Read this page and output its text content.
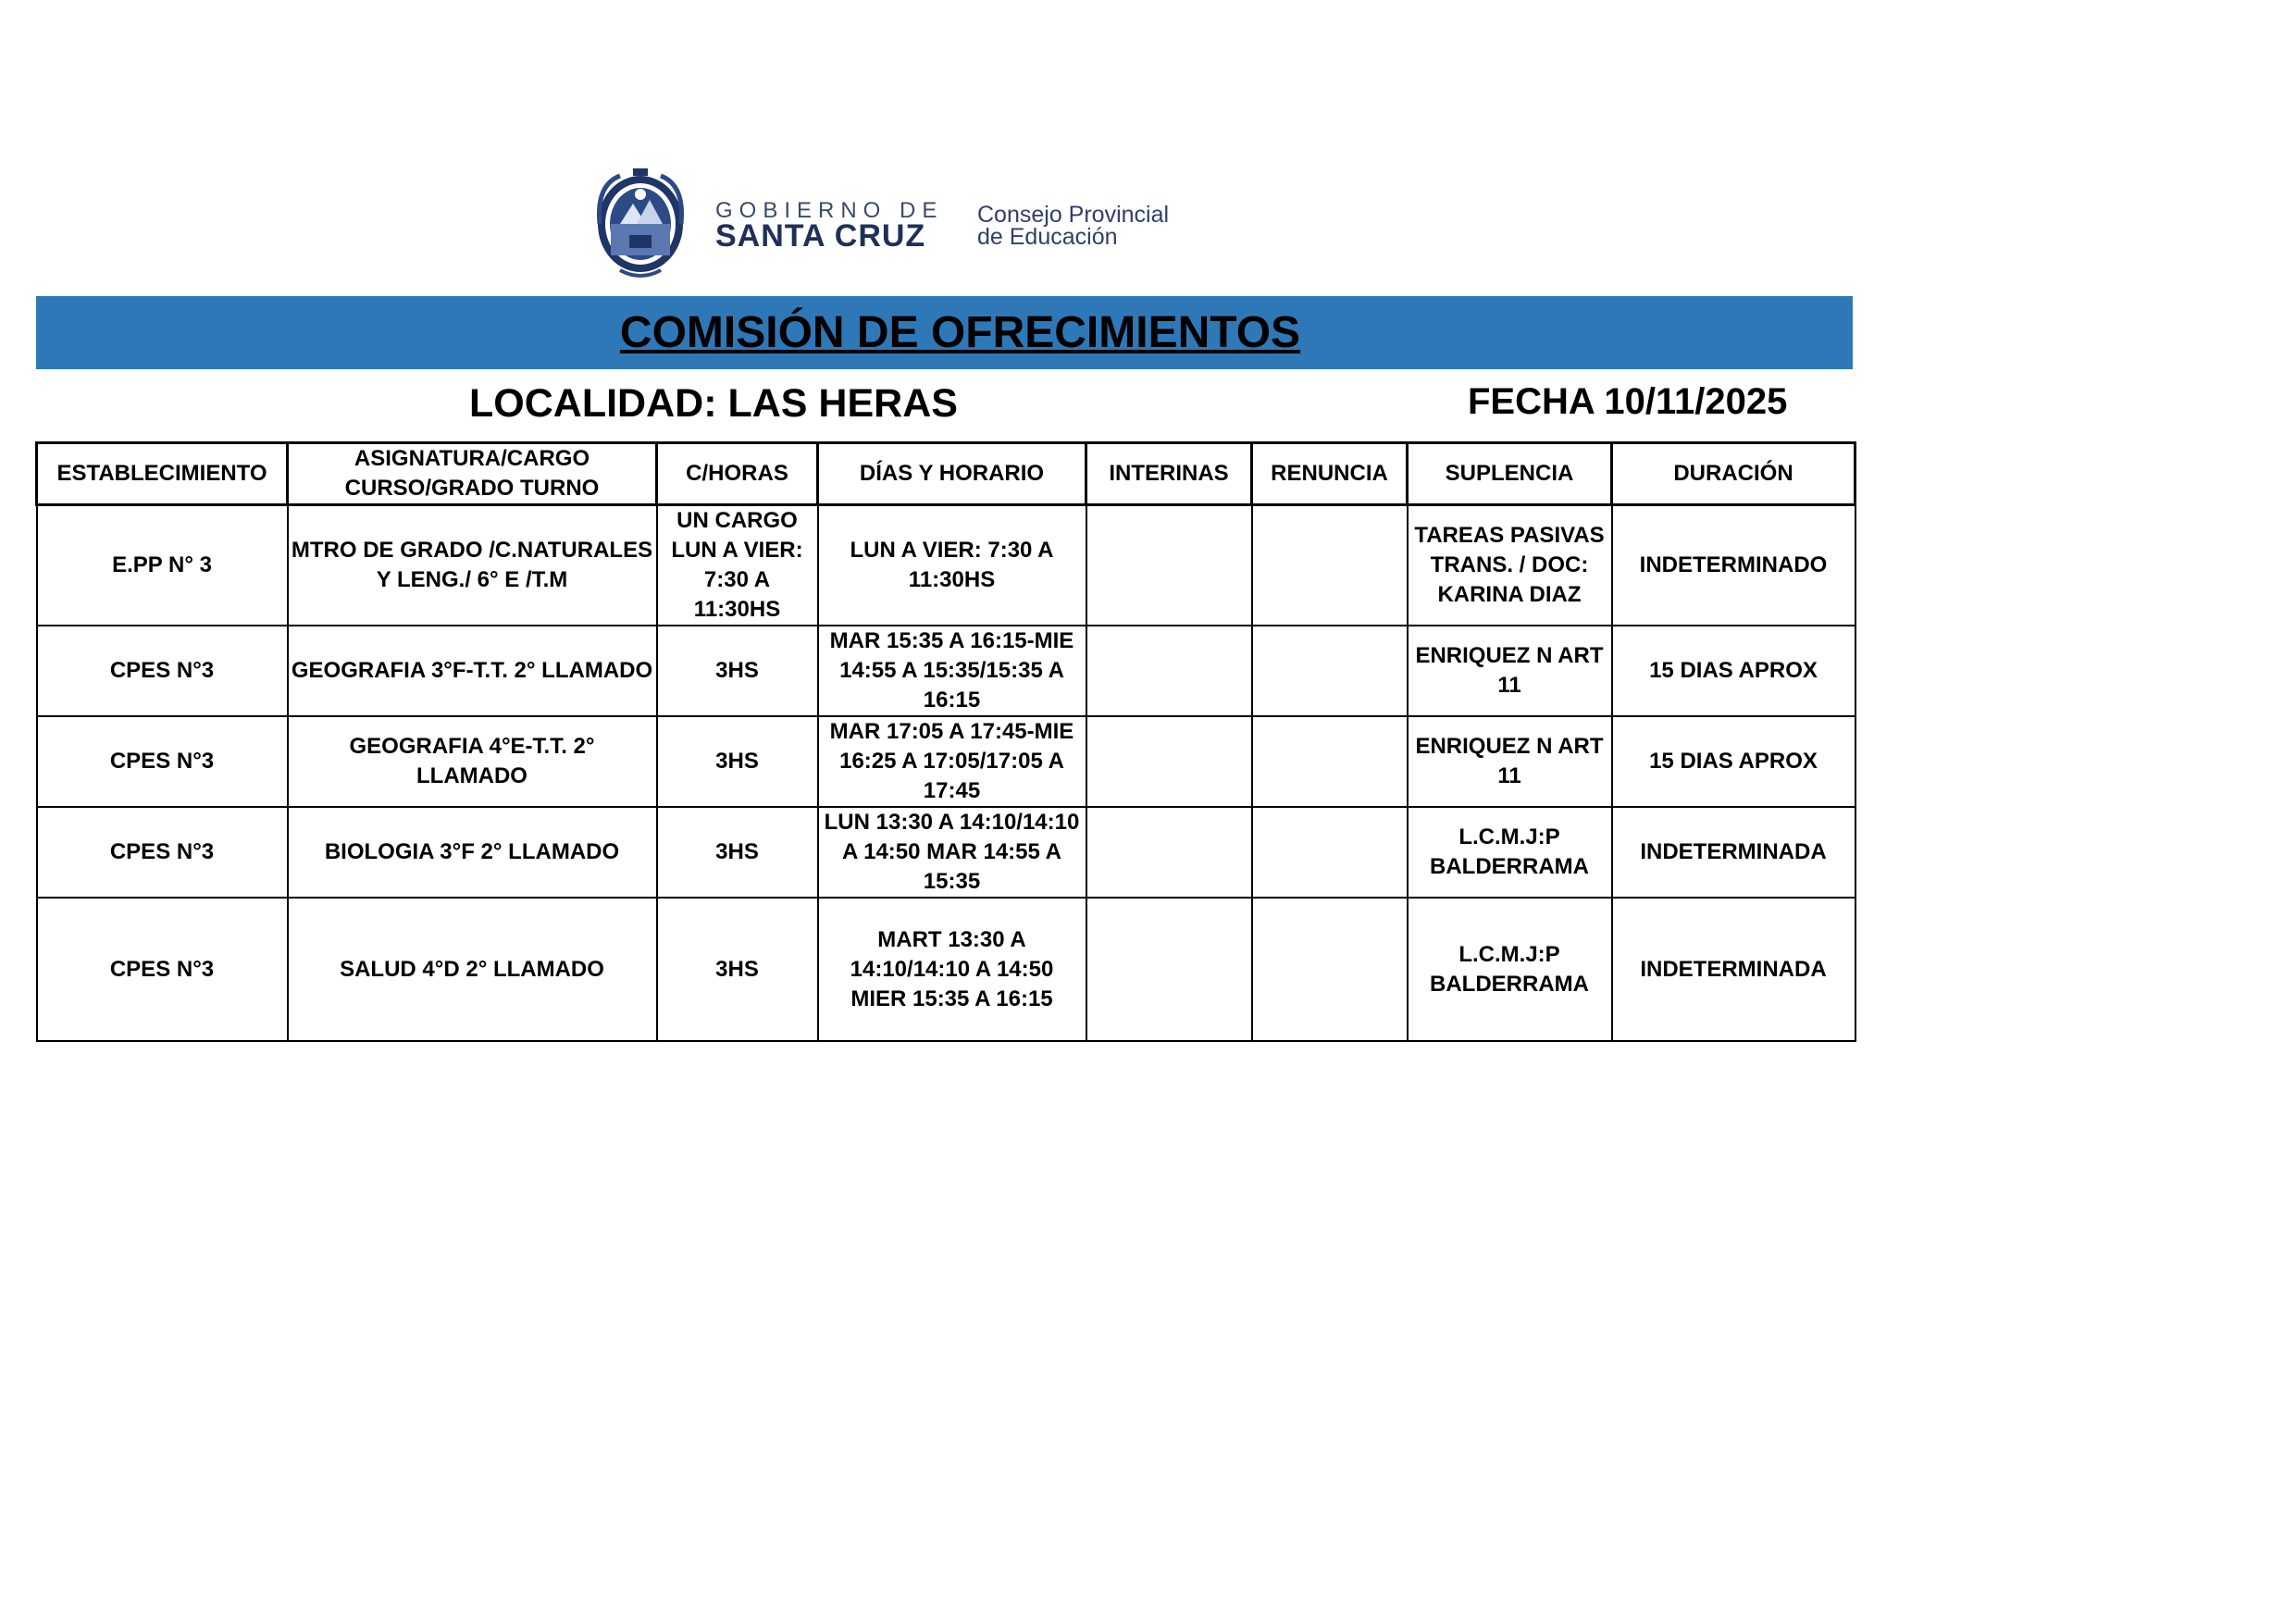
GOBIERNO DE
SANTA CRUZ
Consejo Provincial
de Educación
COMISIÓN DE OFRECIMIENTOS
LOCALIDAD: LAS HERAS	FECHA 10/11/2025
ESTABLECIMIENTO	ASIGNATURA/CARGO CURSO/GRADO TURNO	C/HORAS	DÍAS Y HORARIO	INTERINAS	RENUNCIA	SUPLENCIA	DURACIÓN
E.PP N° 3	MTRO DE GRADO /C.NATURALES Y LENG./ 6° E /T.M	UN CARGO LUN A VIER: 7:30 A 11:30HS	LUN A VIER: 7:30 A 11:30HS			TAREAS PASIVAS TRANS. / DOC: KARINA DIAZ	INDETERMINADO
CPES N°3	GEOGRAFIA 3°F-T.T. 2° LLAMADO	3HS	MAR 15:35 A 16:15-MIE 14:55 A 15:35/15:35 A 16:15			ENRIQUEZ N ART 11	15 DIAS APROX
CPES N°3	GEOGRAFIA 4°E-T.T. 2° LLAMADO	3HS	MAR 17:05 A 17:45-MIE 16:25 A 17:05/17:05 A 17:45			ENRIQUEZ N ART 11	15 DIAS APROX
CPES N°3	BIOLOGIA 3°F 2° LLAMADO	3HS	LUN 13:30 A 14:10/14:10 A 14:50 MAR 14:55 A 15:35			L.C.M.J:P BALDERRAMA	INDETERMINADA
CPES N°3	SALUD 4°D 2° LLAMADO	3HS	MART 13:30 A 14:10/14:10 A 14:50 MIER 15:35 A 16:15			L.C.M.J:P BALDERRAMA	INDETERMINADA
